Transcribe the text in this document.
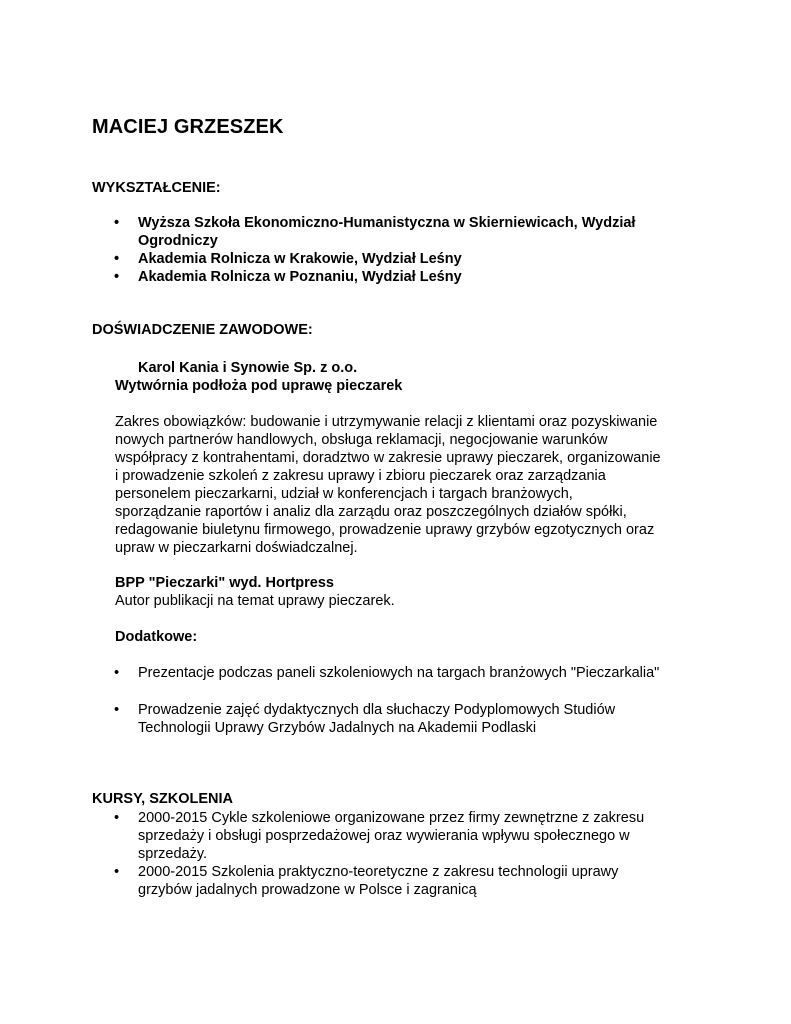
MACIEJ GRZESZEK
WYKSZTAŁCENIE:
• Wyższa Szkoła Ekonomiczno-Humanistyczna w Skierniewicach, Wydział
Ogrodniczy
• Akademia Rolnicza w Krakowie, Wydział Leśny
• Akademia Rolnicza w Poznaniu, Wydział Leśny
DOŚWIADCZENIE ZAWODOWE:

Karol Kania i Synowie Sp. z o.o.

Wytwórnia podłoża pod uprawę pieczarek

Zakres obowiązków: budowanie i utrzymywanie relacji z klientami oraz pozyskiwanie
nowych partnerów handlowych, obsługa reklamacji, negocjowanie warunków
współpracy z kontrahentami, doradztwo w zakresie uprawy pieczarek, organizowanie
i prowadzenie szkoleń z zakresu uprawy i zbioru pieczarek oraz zarządzania
personelem pieczarkarni, udział w konferencjach i targach branżowych,
sporządzanie raportów i analiz dla zarządu oraz poszczególnych działów spółki,
redagowanie biuletynu firmowego, prowadzenie uprawy grzybów egzotycznych oraz
upraw w pieczarkarni doświadczalnej.

BPP "Pieczarki" wyd. Hortpress

Autor publikacji na temat uprawy pieczarek.

Dodatkowe:

• Prezentacje podczas paneli szkoleniowych na targach branżowych "Pieczarkalia"
• Prowadzenie zajęć dydaktycznych dla słuchaczy Podyplomowych Studiów
Technologii Uprawy Grzybów Jadalnych na Akademii Podlaski
KURSY, SZKOLENIA
• 2000-2015 Cykle szkoleniowe organizowane przez firmy zewnętrzne z zakresu
sprzedaży i obsługi posprzedażowej oraz wywierania wpływu społecznego w
sprzedaży.
• 2000-2015 Szkolenia praktyczno-teoretyczne z zakresu technologii uprawy
grzybów jadalnych prowadzone w Polsce i zagranicą
